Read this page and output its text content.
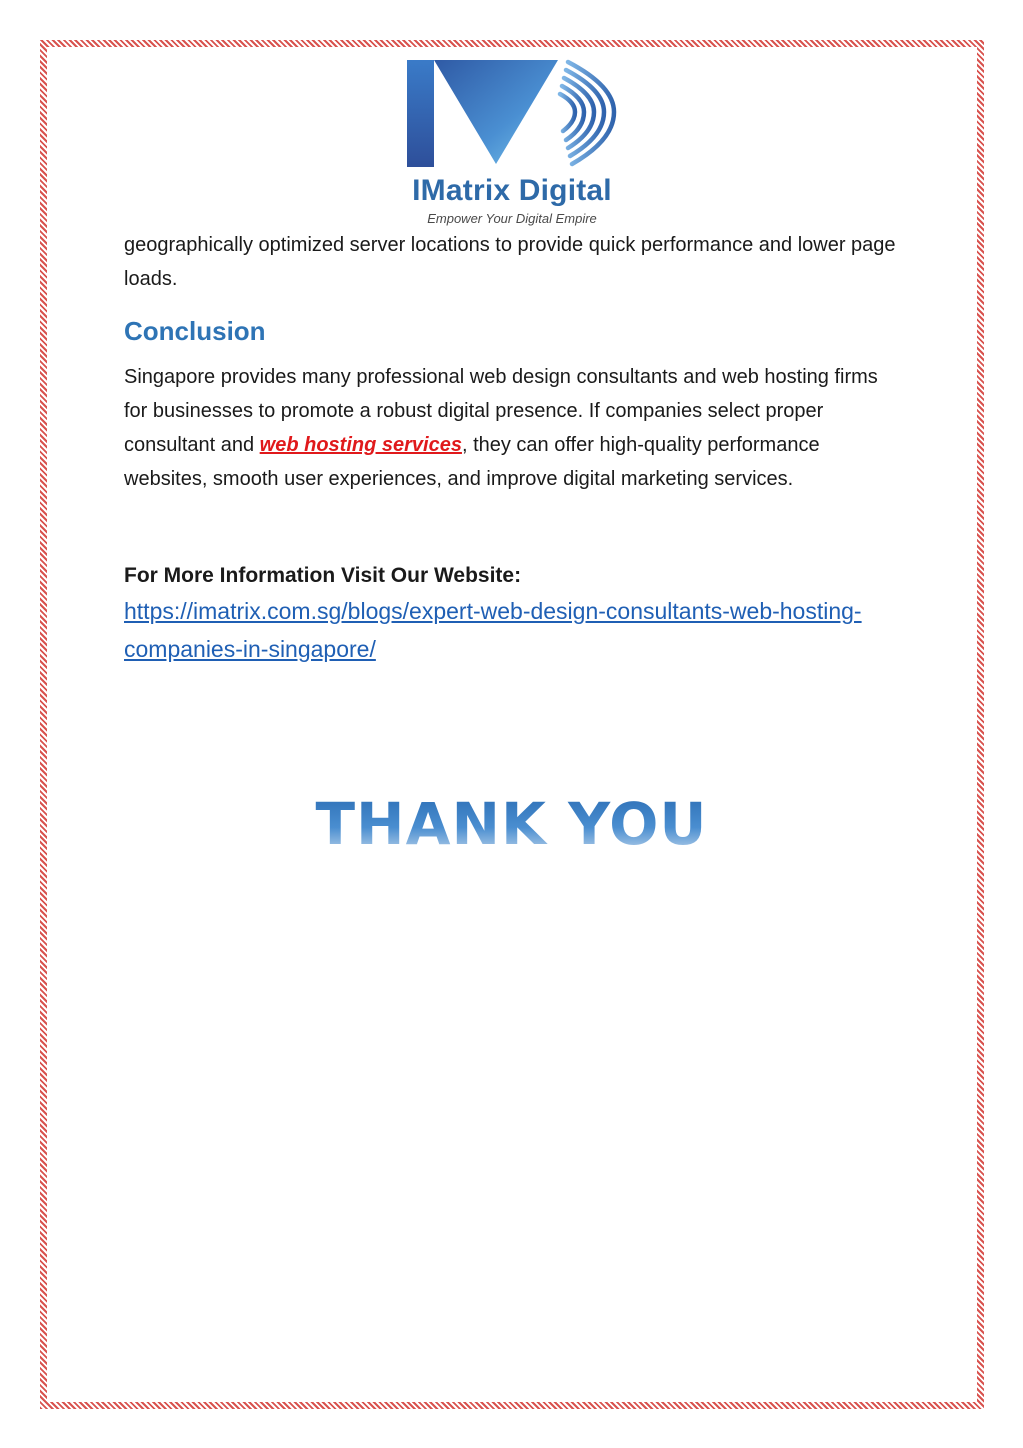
IMatrix Digital
Empower Your Digital Empire

geographically optimized server locations to provide quick performance and lower page loads.

Conclusion

Singapore provides many professional web design consultants and web hosting firms for businesses to promote a robust digital presence. If companies select proper consultant and web hosting services, they can offer high-quality performance websites, smooth user experiences, and improve digital marketing services.

For More Information Visit Our Website:
https://imatrix.com.sg/blogs/expert-web-design-consultants-web-hosting-companies-in-singapore/
THANK YOU
